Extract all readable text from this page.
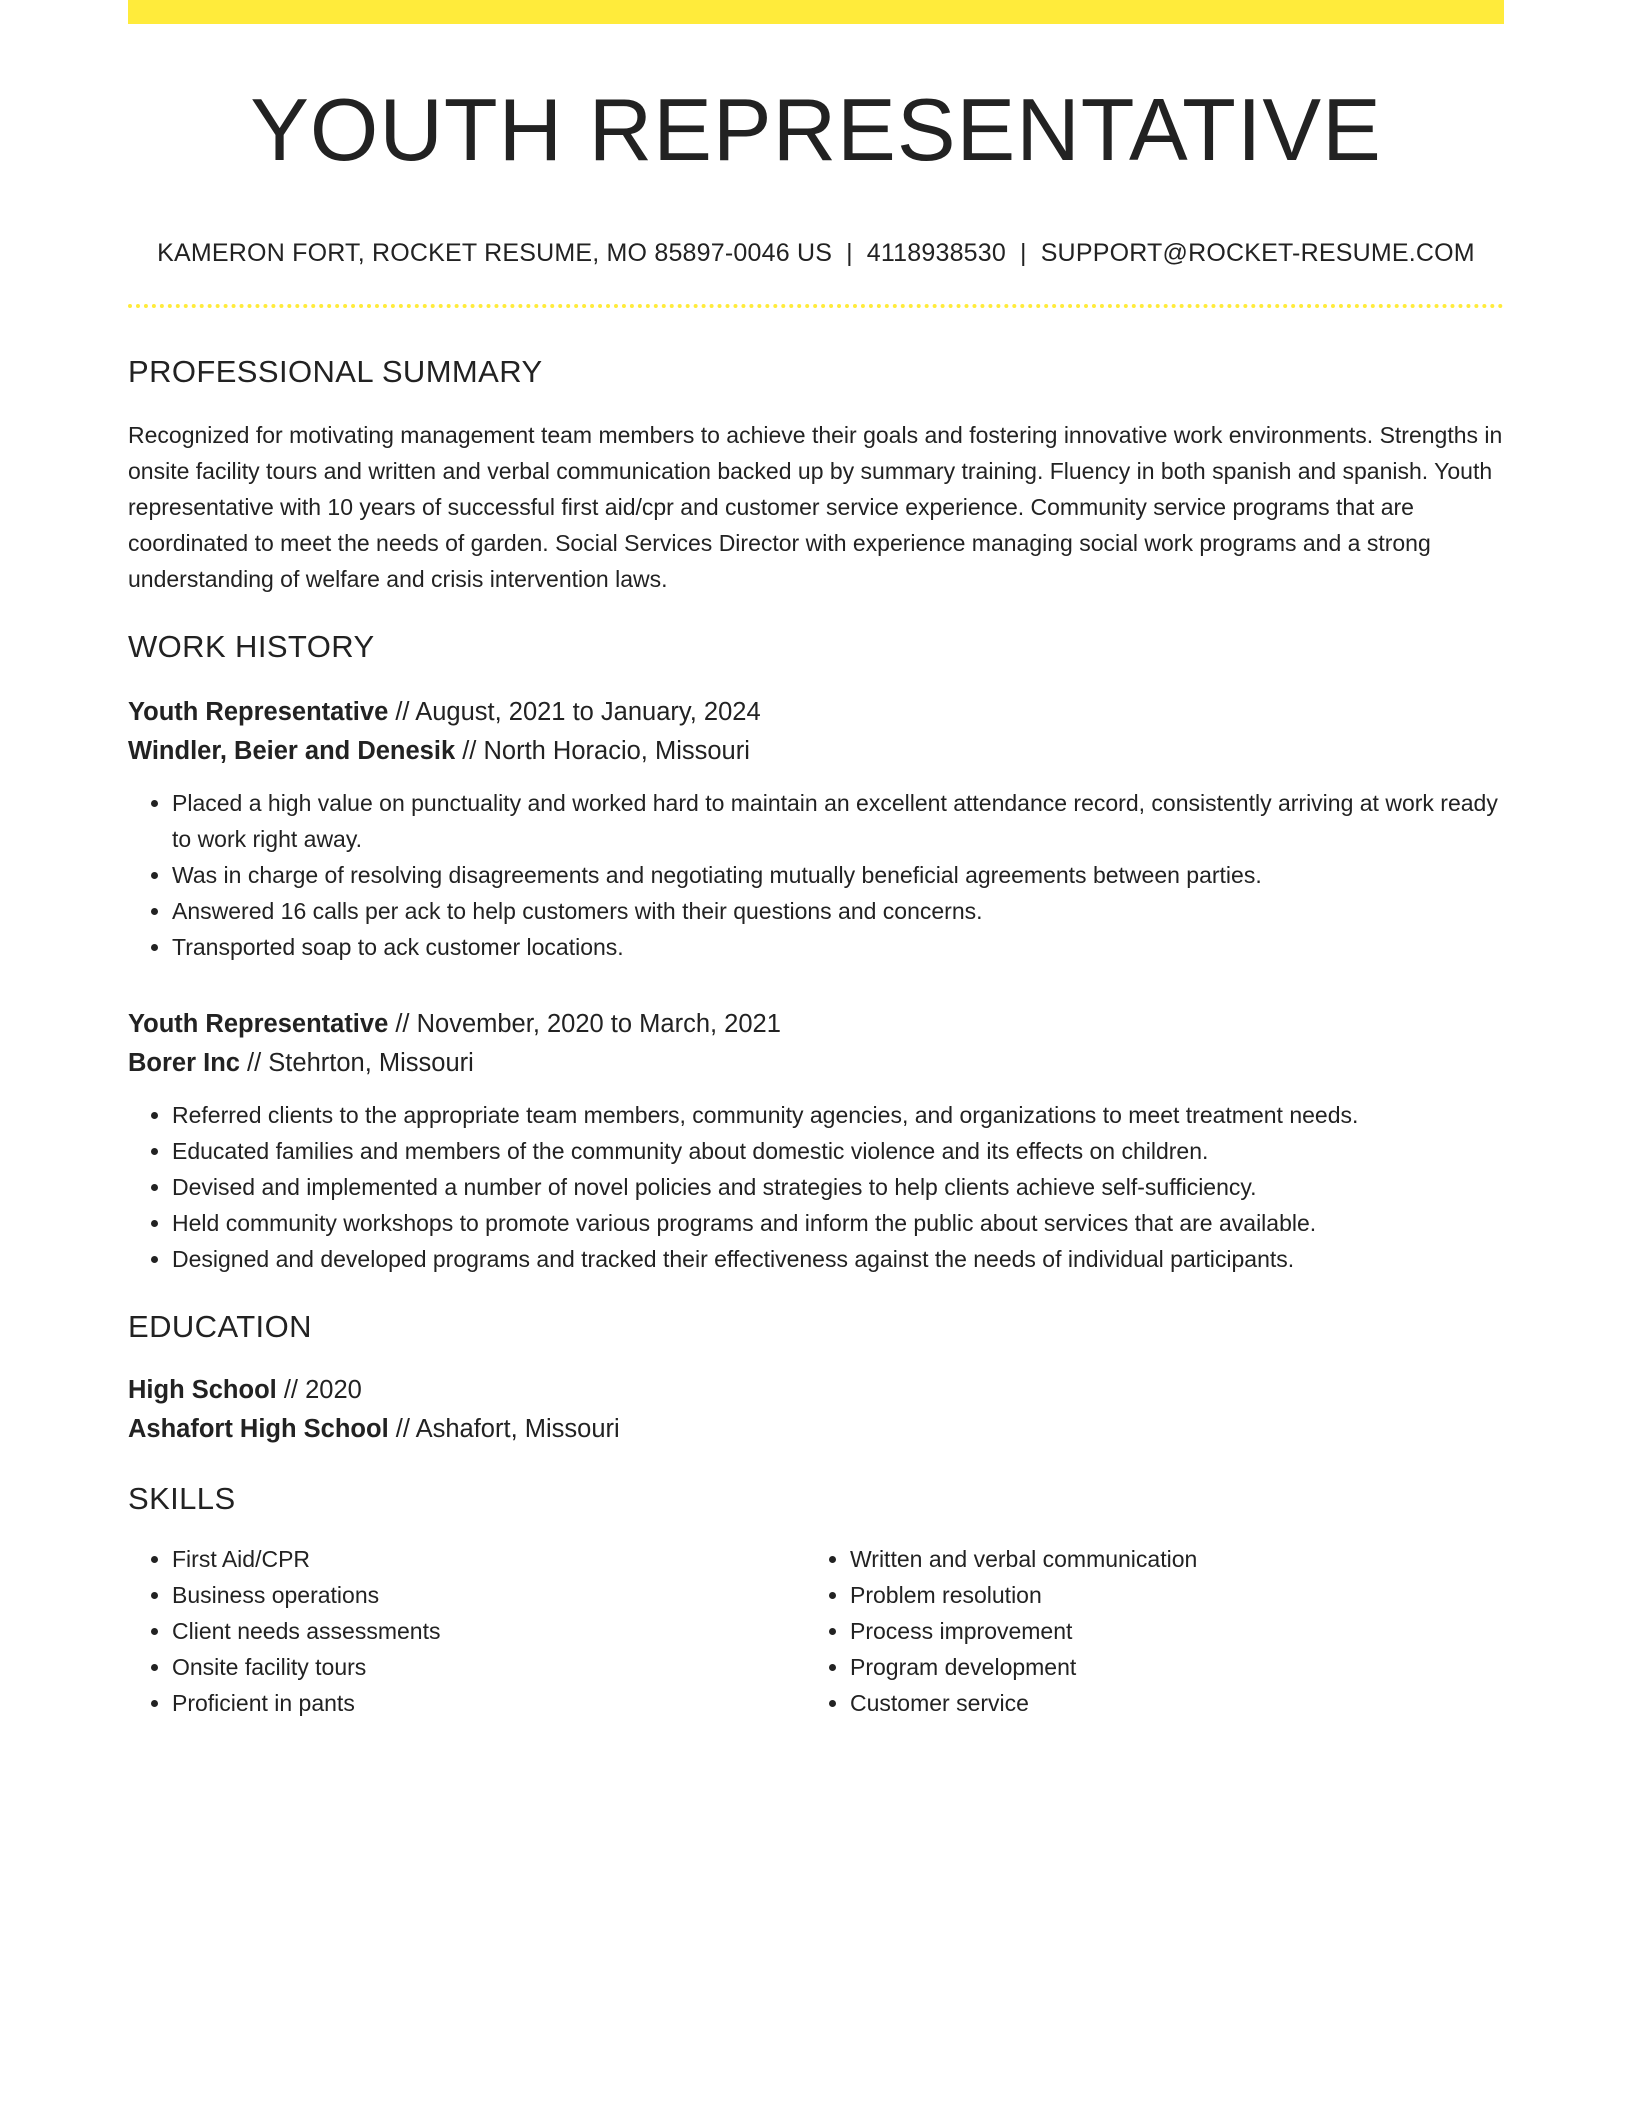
YOUTH REPRESENTATIVE
KAMERON FORT, ROCKET RESUME, MO 85897-0046 US | 4118938530 | SUPPORT@ROCKET-RESUME.COM
PROFESSIONAL SUMMARY
Recognized for motivating management team members to achieve their goals and fostering innovative work environments. Strengths in onsite facility tours and written and verbal communication backed up by summary training. Fluency in both spanish and spanish. Youth representative with 10 years of successful first aid/cpr and customer service experience. Community service programs that are coordinated to meet the needs of garden. Social Services Director with experience managing social work programs and a strong understanding of welfare and crisis intervention laws.
WORK HISTORY
Youth Representative // August, 2021 to January, 2024
Windler, Beier and Denesik // North Horacio, Missouri
• Placed a high value on punctuality and worked hard to maintain an excellent attendance record, consistently arriving at work ready to work right away.
• Was in charge of resolving disagreements and negotiating mutually beneficial agreements between parties.
• Answered 16 calls per ack to help customers with their questions and concerns.
• Transported soap to ack customer locations.
Youth Representative // November, 2020 to March, 2021
Borer Inc // Stehrton, Missouri
• Referred clients to the appropriate team members, community agencies, and organizations to meet treatment needs.
• Educated families and members of the community about domestic violence and its effects on children.
• Devised and implemented a number of novel policies and strategies to help clients achieve self-sufficiency.
• Held community workshops to promote various programs and inform the public about services that are available.
• Designed and developed programs and tracked their effectiveness against the needs of individual participants.
EDUCATION
High School // 2020
Ashafort High School // Ashafort, Missouri
SKILLS
• First Aid/CPR
• Business operations
• Client needs assessments
• Onsite facility tours
• Proficient in pants
• Written and verbal communication
• Problem resolution
• Process improvement
• Program development
• Customer service
